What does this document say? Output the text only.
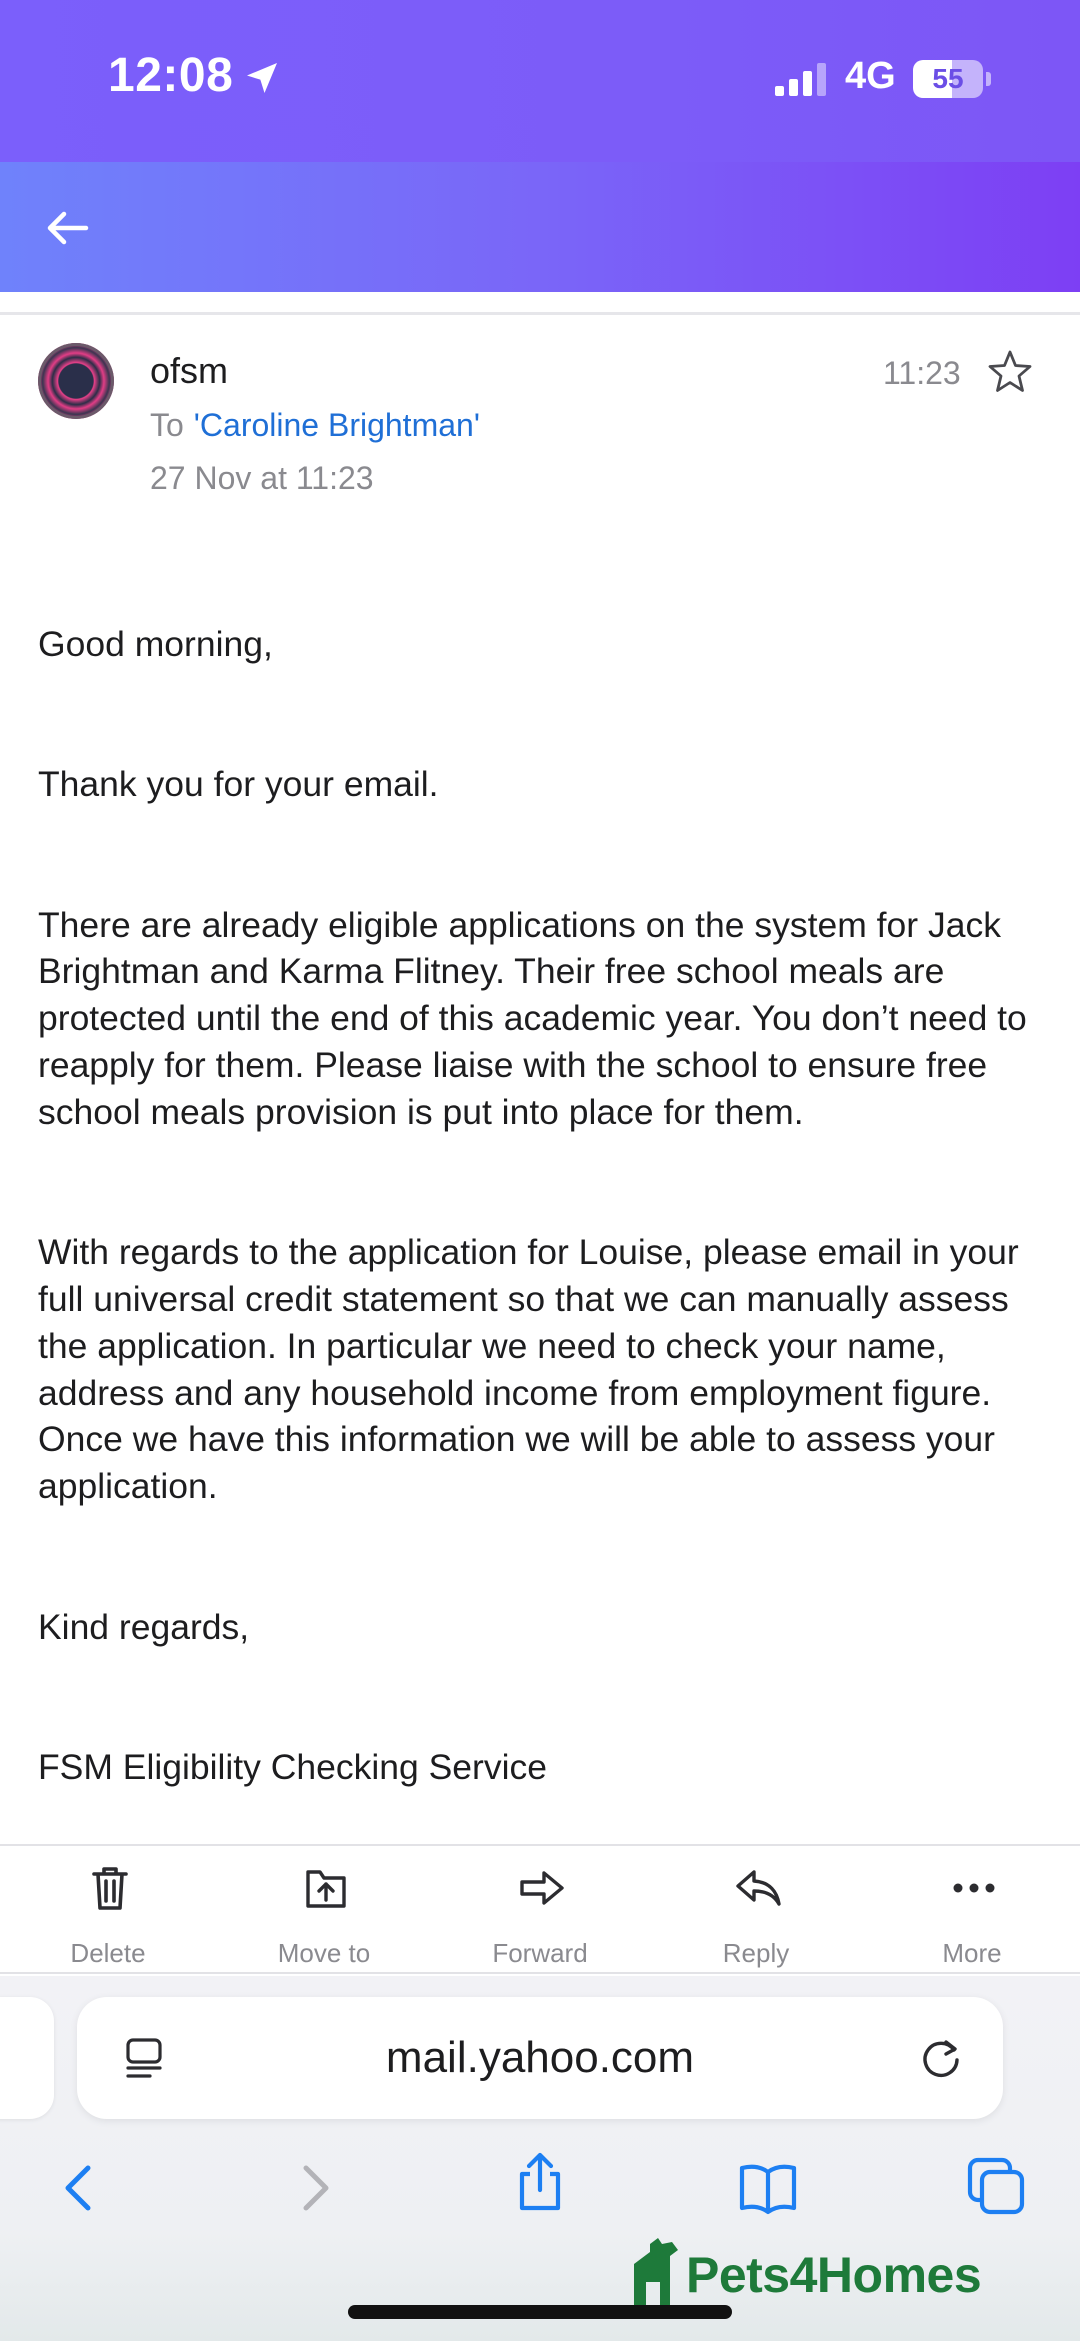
12:08	4G	55
ofsm
To 'Caroline Brightman'
27 Nov at 11:23
11:23

Good morning,

Thank you for your email.

There are already eligible applications on the system for Jack Brightman and Karma Flitney. Their free school meals are protected until the end of this academic year. You don’t need to reapply for them. Please liaise with the school to ensure free school meals provision is put into place for them.

With regards to the application for Louise, please email in your full universal credit statement so that we can manually assess the application. In particular we need to check your name, address and any household income from employment figure. Once we have this information we will be able to assess your application.

Kind regards,

FSM Eligibility Checking Service

Delete	Move to	Forward	Reply	More
mail.yahoo.com
Pets4Homes
